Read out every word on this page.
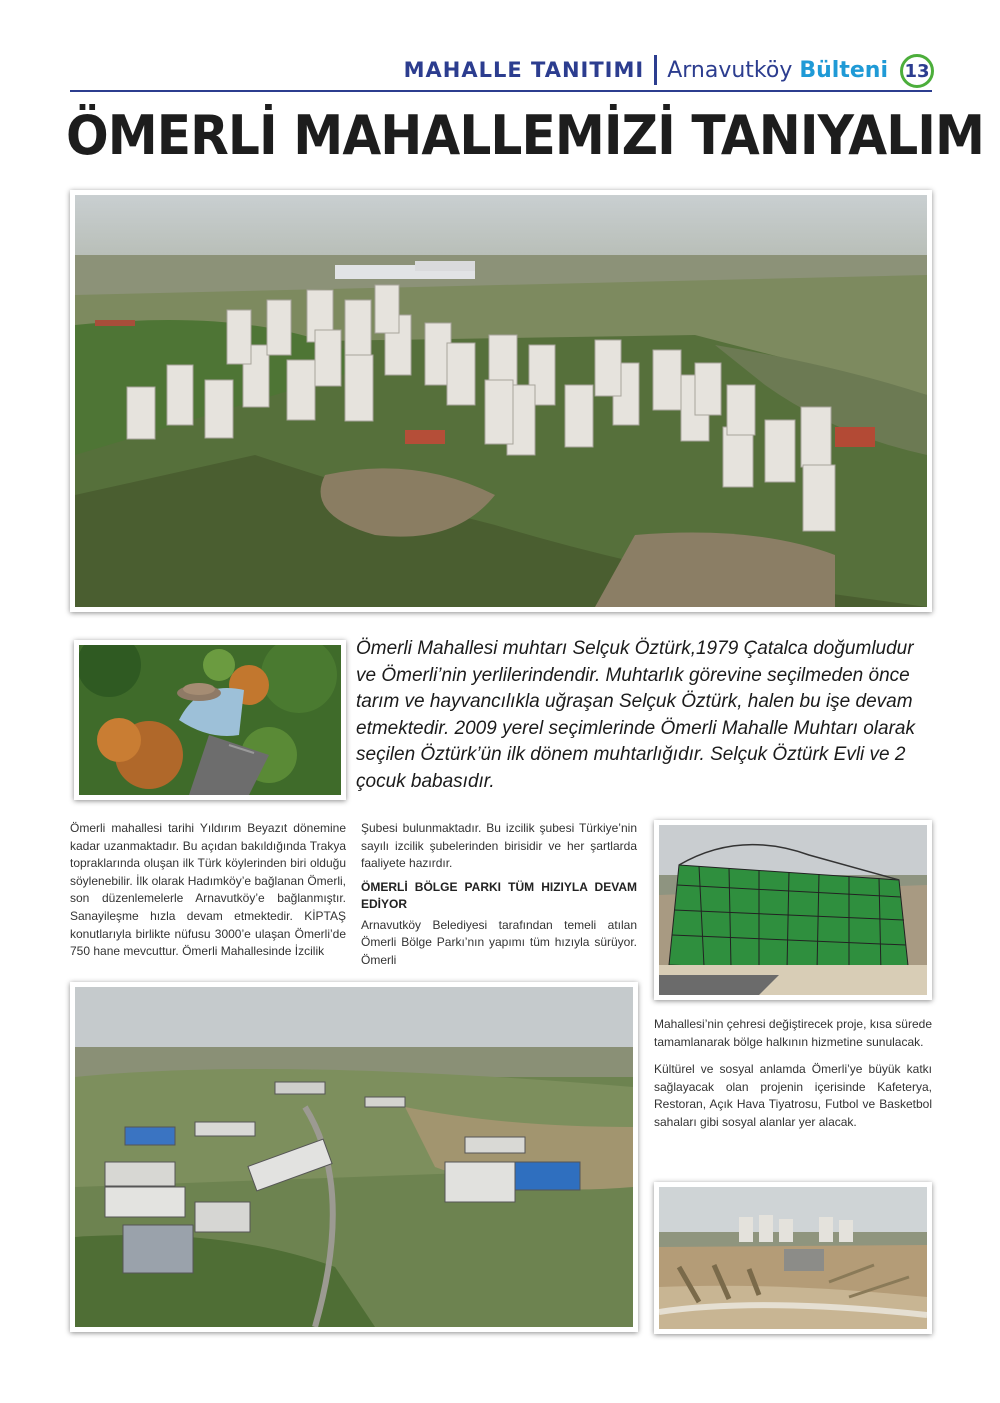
MAHALLE TANITIMI Arnavutköy Bülteni 13
ÖMERLİ MAHALLEMİZİ TANIYALIM

Ömerli Mahallesi muhtarı Selçuk Öztürk,1979 Çatalca doğumludur ve Ömerli’nin yerlilerindendir. Muhtarlık görevine seçilmeden önce tarım ve hayvancılıkla uğraşan Selçuk Öztürk, halen bu işe devam etmektedir. 2009 yerel seçimlerinde Ömerli Mahalle Muhtarı olarak seçilen Öztürk’ün ilk dönem muhtarlığıdır. Selçuk Öztürk Evli ve 2 çocuk babasıdır.

Ömerli mahallesi tarihi Yıldırım Beyazıt dönemine kadar uzanmaktadır. Bu açıdan bakıldığında Trakya topraklarında oluşan ilk Türk köylerinden biri olduğu söylenebilir. İlk olarak Hadımköy’e bağlanan Ömerli, son düzenlemelerle Arnavutköy’e bağlanmıştır. Sanayileşme hızla devam etmektedir. KİPTAŞ konutlarıyla birlikte nüfusu 3000’e ulaşan Ömerli’de 750 hane mevcuttur. Ömerli Mahallesinde İzcilik

Şubesi bulunmaktadır. Bu izcilik şubesi Türkiye’nin sayılı izcilik şubelerinden birisidir ve her şartlarda faaliyete hazırdır.

ÖMERLİ BÖLGE PARKI TÜM HIZIYLA DEVAM EDİYOR

Arnavutköy Belediyesi tarafından temeli atılan Ömerli Bölge Parkı’nın yapımı tüm hızıyla sürüyor. Ömerli

Mahallesi’nin çehresi değiştirecek proje, kısa sürede tamamlanarak bölge halkının hizmetine sunulacak.

Kültürel ve sosyal anlamda Ömerli’ye büyük katkı sağlayacak olan projenin içerisinde Kafeterya, Restoran, Açık Hava Tiyatrosu, Futbol ve Basketbol sahaları gibi sosyal alanlar yer alacak.
